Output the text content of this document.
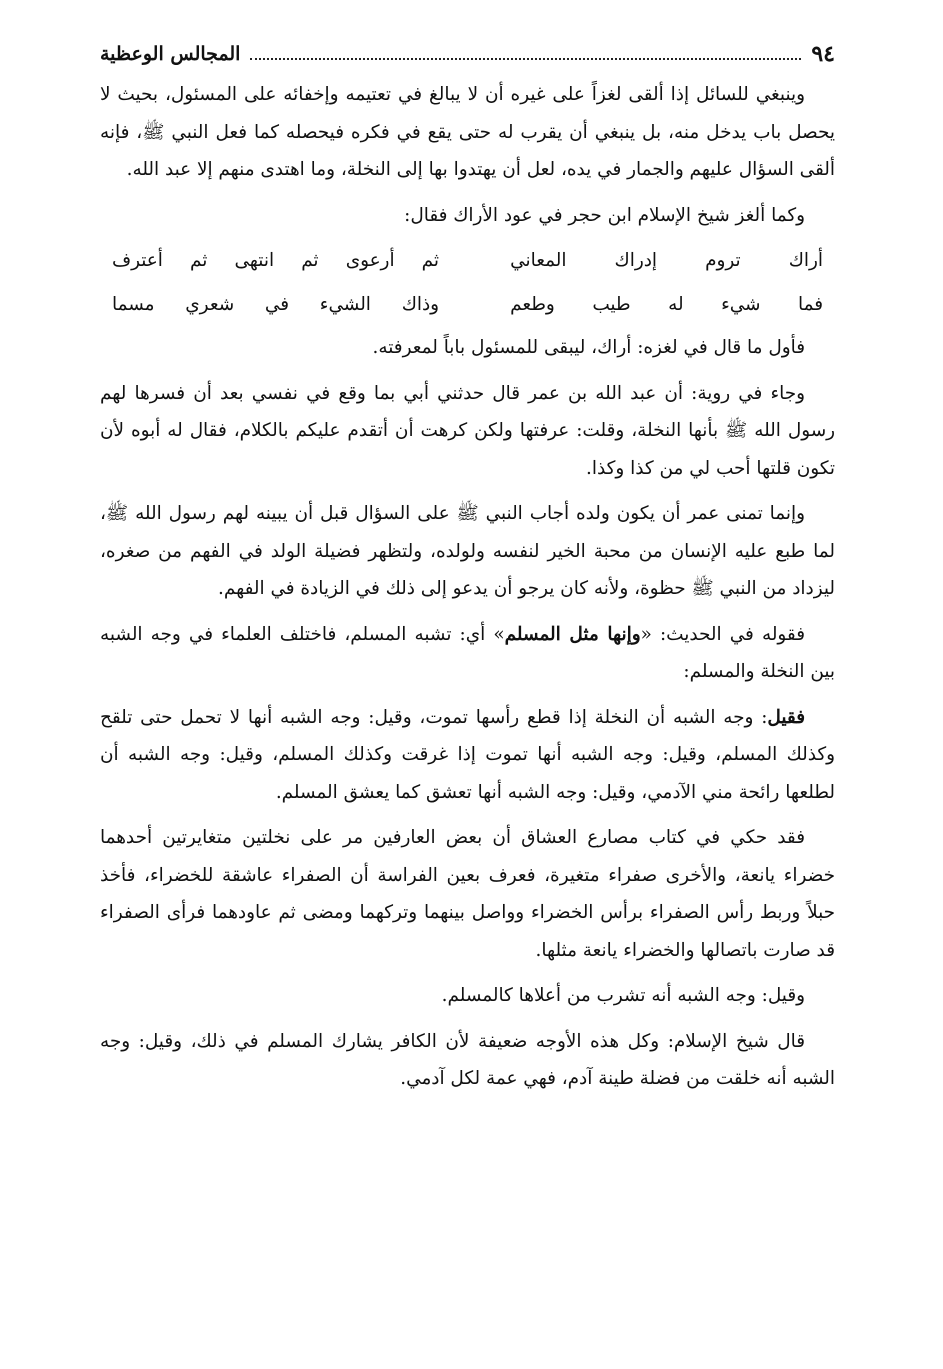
٩٤
المجالس الوعظية

وينبغي للسائل إذا ألقى لغزاً على غيره أن لا يبالغ في تعتيمه وإخفائه على المسئول، بحيث لا يحصل باب يدخل منه، بل ينبغي أن يقرب له حتى يقع في فكره فيحصله كما فعل النبي ﷺ، فإنه ألقى السؤال عليهم والجمار في يده، لعل أن يهتدوا بها إلى النخلة، وما اهتدى منهم إلا عبد الله.

وكما ألغز شيخ الإسلام ابن حجر في عود الأراك فقال:

أراك تروم إدراك المعاني
ثم أرعوى ثم انتهى ثم أعترف
فما شيء له طيب وطعم
وذاك الشيء في شعري مسما

فأول ما قال في لغزه: أراك، ليبقى للمسئول باباً لمعرفته.

وجاء في روية: أن عبد الله بن عمر قال حدثني أبي بما وقع في نفسي بعد أن فسرها لهم رسول الله ﷺ بأنها النخلة، وقلت: عرفتها ولكن كرهت أن أتقدم عليكم بالكلام، فقال له أبوه لأن تكون قلتها أحب لي من كذا وكذا.

وإنما تمنى عمر أن يكون ولده أجاب النبي ﷺ على السؤال قبل أن يبينه لهم رسول الله ﷺ، لما طبع عليه الإنسان من محبة الخير لنفسه ولولده، ولتظهر فضيلة الولد في الفهم من صغره، ليزداد من النبي ﷺ حظوة، ولأنه كان يرجو أن يدعو إلى ذلك في الزيادة في الفهم.

فقوله في الحديث: «وإنها مثل المسلم» أي: تشبه المسلم، فاختلف العلماء في وجه الشبه بين النخلة والمسلم:

فقيل: وجه الشبه أن النخلة إذا قطع رأسها تموت، وقيل: وجه الشبه أنها لا تحمل حتى تلقح وكذلك المسلم، وقيل: وجه الشبه أنها تموت إذا غرقت وكذلك المسلم، وقيل: وجه الشبه أن لطلعها رائحة مني الآدمي، وقيل: وجه الشبه أنها تعشق كما يعشق المسلم.

فقد حكي في كتاب مصارع العشاق أن بعض العارفين مر على نخلتين متغايرتين أحدهما خضراء يانعة، والأخرى صفراء متغيرة، فعرف بعين الفراسة أن الصفراء عاشقة للخضراء، فأخذ حبلاً وربط رأس الصفراء برأس الخضراء وواصل بينهما وتركهما ومضى ثم عاودهما فرأى الصفراء قد صارت باتصالها والخضراء يانعة مثلها.

وقيل: وجه الشبه أنه تشرب من أعلاها كالمسلم.

قال شيخ الإسلام: وكل هذه الأوجه ضعيفة لأن الكافر يشارك المسلم في ذلك، وقيل: وجه الشبه أنه خلقت من فضلة طينة آدم، فهي عمة لكل آدمي.
